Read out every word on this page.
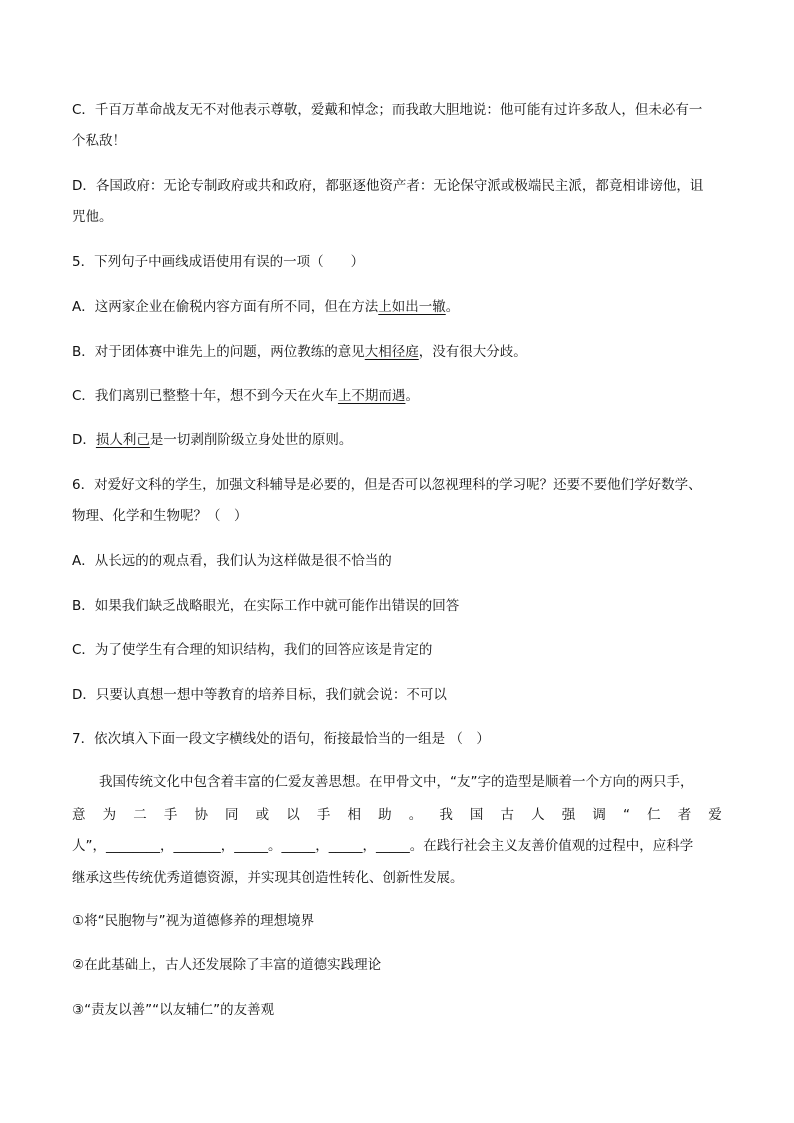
C．千百万革命战友无不对他表示尊敬，爱戴和悼念；而我敢大胆地说：他可能有过许多敌人，但未必有一
个私敌！
D．各国政府：无论专制政府或共和政府，都驱逐他资产者：无论保守派或极端民主派，都竟相诽谤他，诅
咒他。
5．下列句子中画线成语使用有误的一项（　　）
A．这两家企业在偷税内容方面有所不同，但在方法上如出一辙。
B．对于团体赛中谁先上的问题，两位教练的意见大相径庭，没有很大分歧。
C．我们离别已整整十年，想不到今天在火车上不期而遇。
D．损人利己是一切剥削阶级立身处世的原则。
6．对爱好文科的学生，加强文科辅导是必要的，但是否可以忽视理科的学习呢？还要不要他们学好数学、
物理、化学和生物呢？（　）
A．从长远的的观点看，我们认为这样做是很不恰当的
B．如果我们缺乏战略眼光，在实际工作中就可能作出错误的回答
C．为了使学生有合理的知识结构，我们的回答应该是肯定的
D．只要认真想一想中等教育的培养目标，我们就会说：不可以
7．依次填入下面一段文字横线处的语句，衔接最恰当的一组是 （　）
我国传统文化中包含着丰富的仁爱友善思想。在甲骨文中，“友”字的造型是顺着一个方向的两只手，
意 为 二 手 协 同 或 以 手 相 助 。 我 国 古 人 强 调 “ 仁 者 爱
人”，________，_______，_____。_____，_____，_____。在践行社会主义友善价值观的过程中，应科学
继承这些传统优秀道德资源，并实现其创造性转化、创新性发展。
①将“民胞物与”视为道德修养的理想境界
②在此基础上，古人还发展除了丰富的道德实践理论
③“责友以善”“以友辅仁”的友善观
